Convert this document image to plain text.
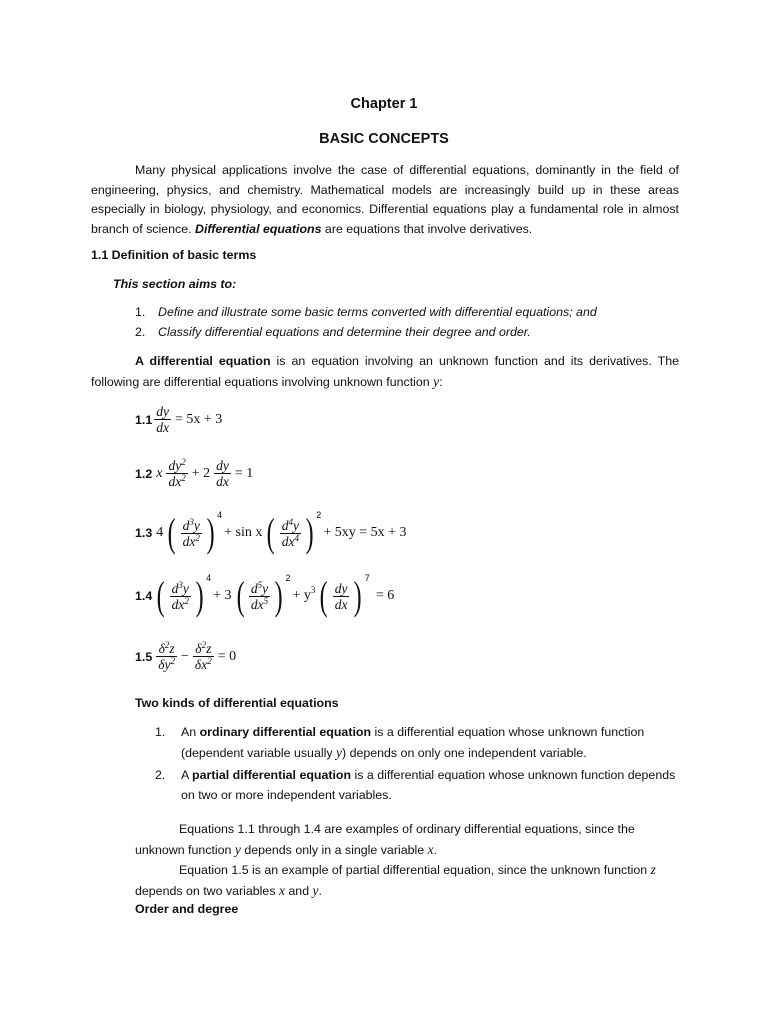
Chapter 1
BASIC CONCEPTS
Many physical applications involve the case of differential equations, dominantly in the field of engineering, physics, and chemistry. Mathematical models are increasingly build up in these areas especially in biology, physiology, and economics. Differential equations play a fundamental role in almost branch of science. Differential equations are equations that involve derivatives.
1.1 Definition of basic terms
This section aims to:
1.	Define and illustrate some basic terms converted with differential equations; and
2.	Classify differential equations and determine their degree and order.
A differential equation is an equation involving an unknown function and its derivatives. The following are differential equations involving unknown function y:
$1.1 \frac{dy}{dx} = 5x + 3$
1.2 x $\frac{dy^2}{dx^2} + 2 \frac{dy}{dx} = 1$
1.3 4 ( $\frac{d^3y}{dx^2}$ ) $^4$
+ sin x ( $\frac{d^4y}{dx^4}$ ) $^2$
+ 5xy = 5x + 3
1.4 ( $\frac{d^3y}{dx^2}$ ) $^4$
+ 3 ( $\frac{d^5y}{dx^5}$ ) $^2$
+ $y^3$ ( $\frac{dy}{dx}$ ) $^7$
= 6
$1.5 \frac{\delta^2z}{\delta y^2} - \frac{\delta^2z}{\delta x^2} = 0$
Two kinds of differential equations
1. An ordinary differential equation is a differential equation whose unknown function (dependent variable usually y) depends on only one independent variable.
2. A partial differential equation is a differential equation whose unknown function depends on two or more independent variables.
Equations 1.1 through 1.4 are examples of ordinary differential equations, since the unknown function y depends only in a single variable x.
Equation 1.5 is an example of partial differential equation, since the unknown function z depends on two variables x and y.
Order and degree
